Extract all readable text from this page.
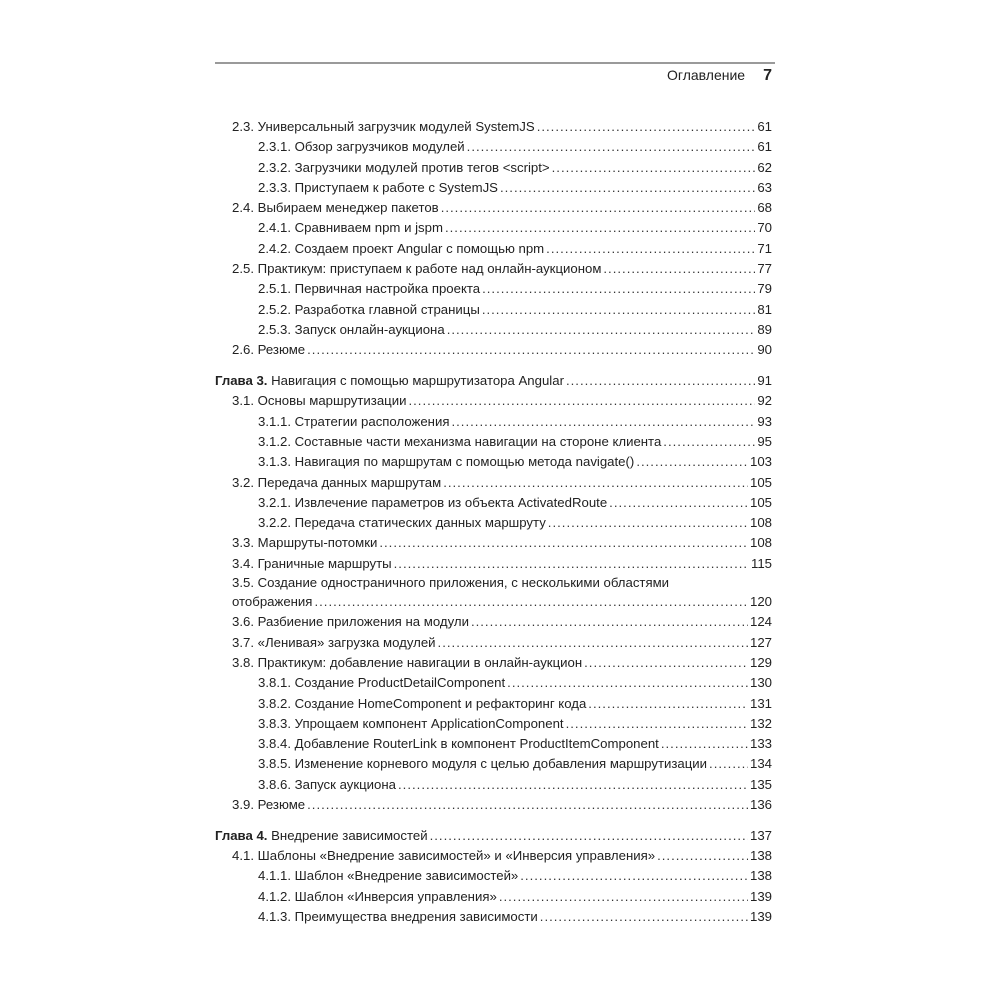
Оглавление 7
2.3. Универсальный загрузчик модулей SystemJS .....	61
2.3.1. Обзор загрузчиков модулей .....	61
2.3.2. Загрузчики модулей против тегов <script> .....	62
2.3.3. Приступаем к работе с SystemJS .....	63
2.4. Выбираем менеджер пакетов .....	68
2.4.1. Сравниваем npm и jspm .....	70
2.4.2. Создаем проект Angular с помощью npm .....	71
2.5. Практикум: приступаем к работе над онлайн-аукционом .....	77
2.5.1. Первичная настройка проекта .....	79
2.5.2. Разработка главной страницы .....	81
2.5.3. Запуск онлайн-аукциона .....	89
2.6. Резюме .....	90
Глава 3.
Навигация с помощью маршрутизатора Angular .....	91
3.1. Основы маршрутизации .....	92
3.1.1. Стратегии расположения .....	93
3.1.2. Составные части механизма навигации на стороне клиента .....	95
3.1.3. Навигация по маршрутам с помощью метода navigate() .....	103
3.2. Передача данных маршрутам .....	105
3.2.1. Извлечение параметров из объекта ActivatedRoute .....	105
3.2.2. Передача статических данных маршруту .....	108
3.3. Маршруты-потомки .....	108
3.4. Граничные маршруты .....	115
3.5. Создание одностраничного приложения, с несколькими областями
отображения .....	120
3.6. Разбиение приложения на модули .....	124
3.7. «Ленивая» загрузка модулей .....	127
3.8. Практикум: добавление навигации в онлайн-аукцион .....	129
3.8.1. Создание ProductDetailComponent .....	130
3.8.2. Создание HomeComponent и рефакторинг кода .....	131
3.8.3. Упрощаем компонент ApplicationComponent .....	132
3.8.4. Добавление RouterLink в компонент ProductItemComponent .....	133
3.8.5. Изменение корневого модуля с целью добавления маршрутизации .....	134
3.8.6. Запуск аукциона .....	135
3.9. Резюме .....	136
Глава 4.
Внедрение зависимостей .....	137
4.1. Шаблоны «Внедрение зависимостей» и «Инверсия управления» .....	138
4.1.1. Шаблон «Внедрение зависимостей» .....	138
4.1.2. Шаблон «Инверсия управления» .....	139
4.1.3. Преимущества внедрения зависимости .....	139
